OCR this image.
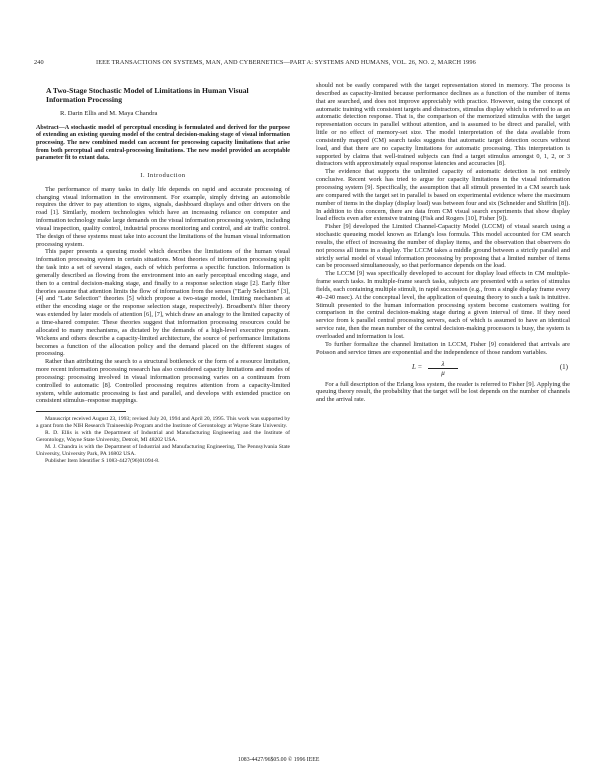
240	IEEE TRANSACTIONS ON SYSTEMS, MAN, AND CYBERNETICS—PART A: SYSTEMS AND HUMANS, VOL. 26, NO. 2, MARCH 1996
A Two-Stage Stochastic Model of Limitations in Human Visual Information Processing
R. Darin Ellis and M. Maya Chandra
Abstract—A stochastic model of perceptual encoding is formulated and derived for the purpose of extending an existing queuing model of the central decision-making stage of visual information processing. The new combined model can account for processing capacity limitations that arise from both perceptual and central-processing limitations. The new model provided an acceptable parameter fit to extant data.
I. Introduction

The performance of many tasks in daily life depends on rapid and accurate processing of changing visual information in the environment. For example, simply driving an automobile requires the driver to pay attention to signs, signals, dashboard displays and other drivers on the road [1]. Similarly, modern technologies which have an increasing reliance on computer and information technology make large demands on the visual information processing system, including visual inspection, quality control, industrial process monitoring and control, and air traffic control. The design of these systems must take into account the limitations of the human visual information processing system.

This paper presents a queuing model which describes the limitations of the human visual information processing system in certain situations. Most theories of information processing split the task into a set of several stages, each of which performs a specific function. Information is generally described as flowing from the environment into an early perceptual encoding stage, and then to a central decision-making stage, and finally to a response selection stage [2]. Early filter theories assume that attention limits the flow of information from the senses ("Early Selection" [3], [4] and "Late Selection" theories [5] which propose a two-stage model, limiting mechanism at either the encoding stage or the response selection stage, respectively). Broadbent's filter theory was extended by later models of attention [6], [7], which draw an analogy to the limited capacity of a time-shared computer. These theories suggest that information processing resources could be allocated to many mechanisms, as dictated by the demands of a high-level executive program. Wickens and others describe a capacity-limited architecture, the source of performance limitations becomes a function of the allocation policy and the demand placed on the different stages of processing.

Rather than attributing the search to a structural bottleneck or the form of a resource limitation, more recent information processing research has also considered capacity limitations and modes of processing: processing involved in visual information processing varies on a continuum from controlled to automatic [8]. Controlled processing requires attention from a capacity-limited system, while automatic processing is fast and parallel, and develops with extended practice on consistent stimulus–response mappings.

Manuscript received August 23, 1993; revised July 20, 1994 and April 20, 1995. This work was supported by a grant from the NIH Research Traineeship Program and the Institute of Gerontology at Wayne State University.

R. D. Ellis is with the Department of Industrial and Manufacturing Engineering and the Institute of Gerontology, Wayne State University, Detroit, MI 48202 USA.

M. J. Chandra is with the Department of Industrial and Manufacturing Engineering, The Pennsylvania State University, University Park, PA 16802 USA.

Publisher Item Identifier S 1083-4427(96)01094-8.

should not be easily compared with the target representation stored in memory. The process is described as capacity-limited because performance declines as a function of the number of items that are searched, and does not improve appreciably with practice. However, using the concept of automatic training with consistent targets and distractors, stimulus display which is referred to as an automatic detection response. That is, the comparison of the memorized stimulus with the target representation occurs in parallel without attention, and is assumed to be direct and parallel, with little or no effect of memory-set size. The model interpretation of the data available from consistently mapped (CM) search tasks suggests that automatic target detection occurs without load, and that there are no capacity limitations for automatic processing. This interpretation is supported by claims that well-trained subjects can find a target stimulus amongst 0, 1, 2, or 3 distractors with approximately equal response latencies and accuracies [8].

The evidence that supports the unlimited capacity of automatic detection is not entirely conclusive. Recent work has tried to argue for capacity limitations in the visual information processing system [9]. Specifically, the assumption that all stimuli presented in a CM search task are compared with the target set in parallel is based on experimental evidence where the maximum number of items in the display (display load) was between four and six (Schneider and Shiffrin [8]). In addition to this concern, there are data from CM visual search experiments that show display load effects even after extensive training (Fisk and Rogers [10], Fisher [9]).

Fisher [9] developed the Limited Channel-Capacity Model (LCCM) of visual search using a stochastic queueing model known as Erlang's loss formula. This model accounted for CM search results, the effect of increasing the number of display items, and the observation that observers do not process all items in a display. The LCCM takes a middle ground between a strictly parallel and strictly serial model of visual information processing by proposing that a limited number of items can be processed simultaneously, so that performance depends on the load.

The LCCM [9] was specifically developed to account for display load effects in CM multiple-frame search tasks. In multiple-frame search tasks, subjects are presented with a series of stimulus fields, each containing multiple stimuli, in rapid succession (e.g., from a single display frame every 40–240 msec). At the conceptual level, the application of queuing theory to such a task is intuitive. Stimuli presented to the human information processing system become customers waiting for comparison in the central decision-making stage during a given interval of time. If they need service from k parallel central processing servers, each of which is assumed to have an identical service rate, then the mean number of the central decision-making processors is busy, the system is overloaded and information is lost.

To further formalize the channel limitation in LCCM, Fisher [9] considered that arrivals are Poisson and service times are exponential and the independence of those random variables.

$L = \frac{\lambda}{\mu}$	(1)

For a full description of the Erlang loss system, the reader is referred to Fisher [9]. Applying the queuing theory result, the probability that the target will be lost depends on the number of channels and the arrival rate.

1083-4427/96$05.00 © 1996 IEEE
